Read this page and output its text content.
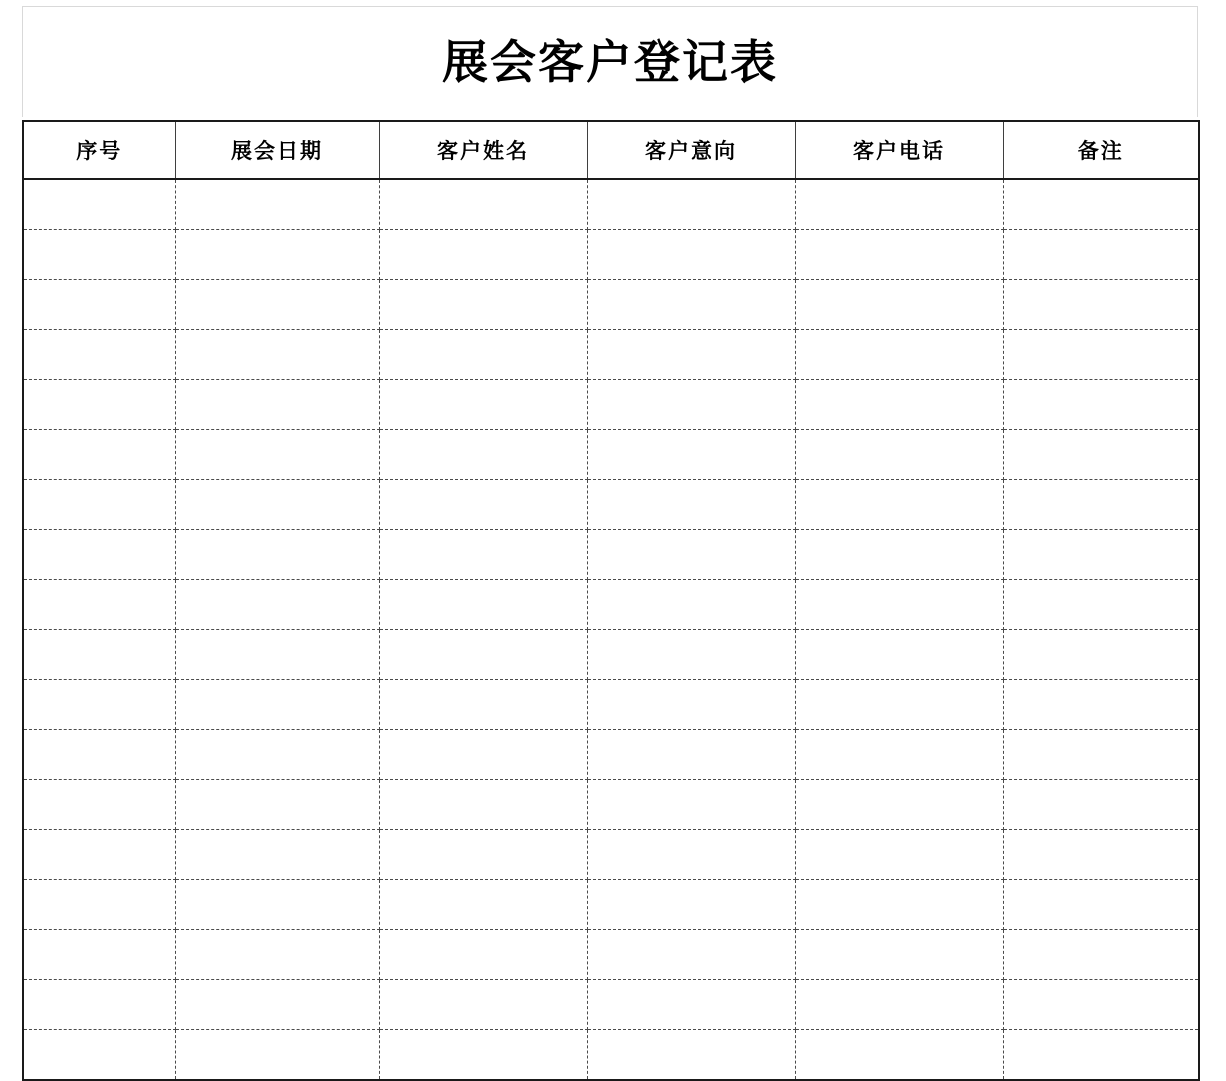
展会客户登记表
序号	展会日期	客户姓名	客户意向	客户电话	备注
